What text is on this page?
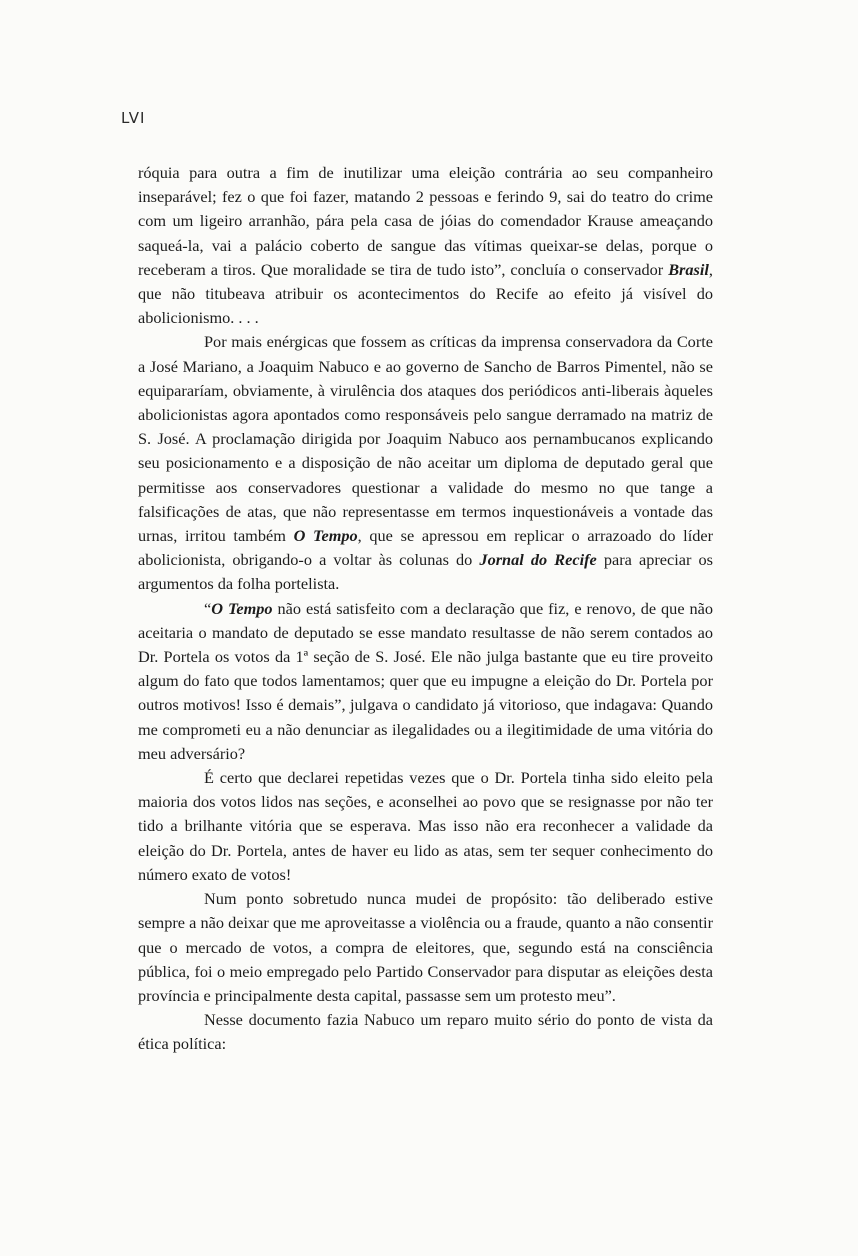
LVI

róquia para outra a fim de inutilizar uma eleição contrária ao seu companheiro inseparável; fez o que foi fazer, matando 2 pessoas e ferindo 9, sai do teatro do crime com um ligeiro arranhão, pára pela casa de jóias do comendador Krause ameaçando saqueá-la, vai a palácio coberto de sangue das vítimas queixar-se delas, porque o receberam a tiros. Que moralidade se tira de tudo isto”, concluía o conservador Brasil, que não titubeava atribuir os acontecimentos do Recife ao efeito já visível do abolicionismo. . . .

Por mais enérgicas que fossem as críticas da imprensa conservadora da Corte a José Mariano, a Joaquim Nabuco e ao governo de Sancho de Barros Pimentel, não se equipararíam, obviamente, à virulência dos ataques dos periódicos anti-liberais àqueles abolicionistas agora apontados como responsáveis pelo sangue derramado na matriz de S. José. A proclamação dirigida por Joaquim Nabuco aos pernambucanos explicando seu posicionamento e a disposição de não aceitar um diploma de deputado geral que permitisse aos conservadores questionar a validade do mesmo no que tange a falsificações de atas, que não representasse em termos inquestionáveis a vontade das urnas, irritou também O Tempo, que se apressou em replicar o arrazoado do líder abolicionista, obrigando-o a voltar às colunas do Jornal do Recife para apreciar os argumentos da folha portelista.

“O Tempo não está satisfeito com a declaração que fiz, e renovo, de que não aceitaria o mandato de deputado se esse mandato resultasse de não serem contados ao Dr. Portela os votos da 1ª seção de S. José. Ele não julga bastante que eu tire proveito algum do fato que todos lamentamos; quer que eu impugne a eleição do Dr. Portela por outros motivos! Isso é demais”, julgava o candidato já vitorioso, que indagava: Quando me comprometi eu a não denunciar as ilegalidades ou a ilegitimidade de uma vitória do meu adversário?

É certo que declarei repetidas vezes que o Dr. Portela tinha sido eleito pela maioria dos votos lidos nas seções, e aconselhei ao povo que se resignasse por não ter tido a brilhante vitória que se esperava. Mas isso não era reconhecer a validade da eleição do Dr. Portela, antes de haver eu lido as atas, sem ter sequer conhecimento do número exato de votos!

Num ponto sobretudo nunca mudei de propósito: tão deliberado estive sempre a não deixar que me aproveitasse a violência ou a fraude, quanto a não consentir que o mercado de votos, a compra de eleitores, que, segundo está na consciência pública, foi o meio empregado pelo Partido Conservador para disputar as eleições desta província e principalmente desta capital, passasse sem um protesto meu”.

Nesse documento fazia Nabuco um reparo muito sério do ponto de vista da ética política:
